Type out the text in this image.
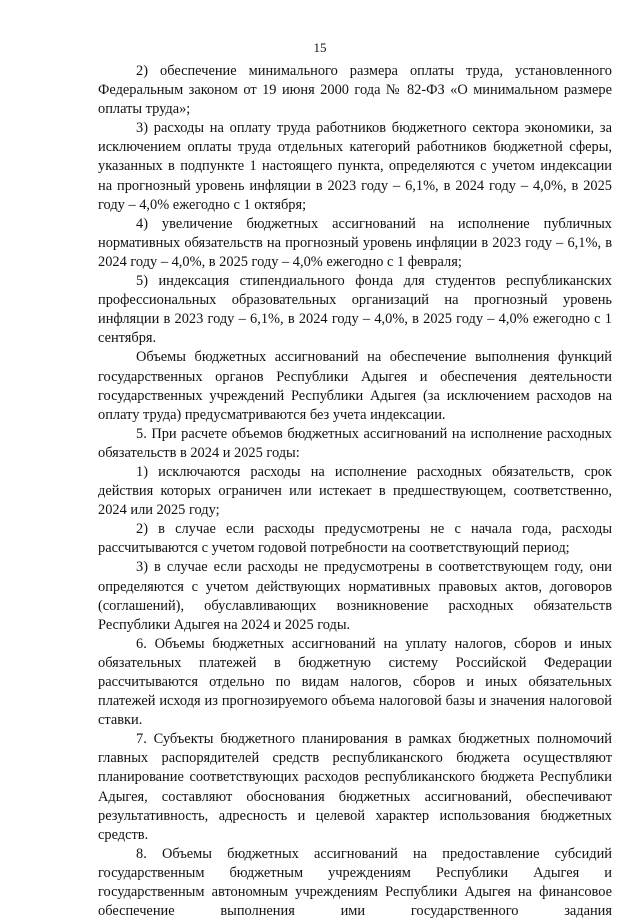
15

2) обеспечение минимального размера оплаты труда, установленного Федеральным законом от 19 июня 2000 года № 82-ФЗ «О минимальном размере оплаты труда»;

3) расходы на оплату труда работников бюджетного сектора экономики, за исключением оплаты труда отдельных категорий работников бюджетной сферы, указанных в подпункте 1 настоящего пункта, определяются с учетом индексации на прогнозный уровень инфляции в 2023 году – 6,1%, в 2024 году – 4,0%, в 2025 году – 4,0% ежегодно с 1 октября;

4) увеличение бюджетных ассигнований на исполнение публичных нормативных обязательств на прогнозный уровень инфляции в 2023 году – 6,1%, в 2024 году – 4,0%, в 2025 году – 4,0% ежегодно с 1 февраля;

5) индексация стипендиального фонда для студентов республиканских профессиональных образовательных организаций на прогнозный уровень инфляции в 2023 году – 6,1%, в 2024 году – 4,0%, в 2025 году – 4,0% ежегодно с 1 сентября.

Объемы бюджетных ассигнований на обеспечение выполнения функций государственных органов Республики Адыгея и обеспечения деятельности государственных учреждений Республики Адыгея (за исключением расходов на оплату труда) предусматриваются без учета индексации.

5. При расчете объемов бюджетных ассигнований на исполнение расходных обязательств в 2024 и 2025 годы:

1) исключаются расходы на исполнение расходных обязательств, срок действия которых ограничен или истекает в предшествующем, соответственно, 2024 или 2025 году;

2) в случае если расходы предусмотрены не с начала года, расходы рассчитываются с учетом годовой потребности на соответствующий период;

3) в случае если расходы не предусмотрены в соответствующем году, они определяются с учетом действующих нормативных правовых актов, договоров (соглашений), обуславливающих возникновение расходных обязательств Республики Адыгея на 2024 и 2025 годы.

6. Объемы бюджетных ассигнований на уплату налогов, сборов и иных обязательных платежей в бюджетную систему Российской Федерации рассчитываются отдельно по видам налогов, сборов и иных обязательных платежей исходя из прогнозируемого объема налоговой базы и значения налоговой ставки.

7. Субъекты бюджетного планирования в рамках бюджетных полномочий главных распорядителей средств республиканского бюджета осуществляют планирование соответствующих расходов республиканского бюджета Республики Адыгея, составляют обоснования бюджетных ассигнований, обеспечивают результативность, адресность и целевой характер использования бюджетных средств.

8. Объемы бюджетных ассигнований на предоставление субсидий государственным бюджетным учреждениям Республики Адыгея и государственным автономным учреждениям Республики Адыгея на финансовое обеспечение выполнения ими государственного задания
